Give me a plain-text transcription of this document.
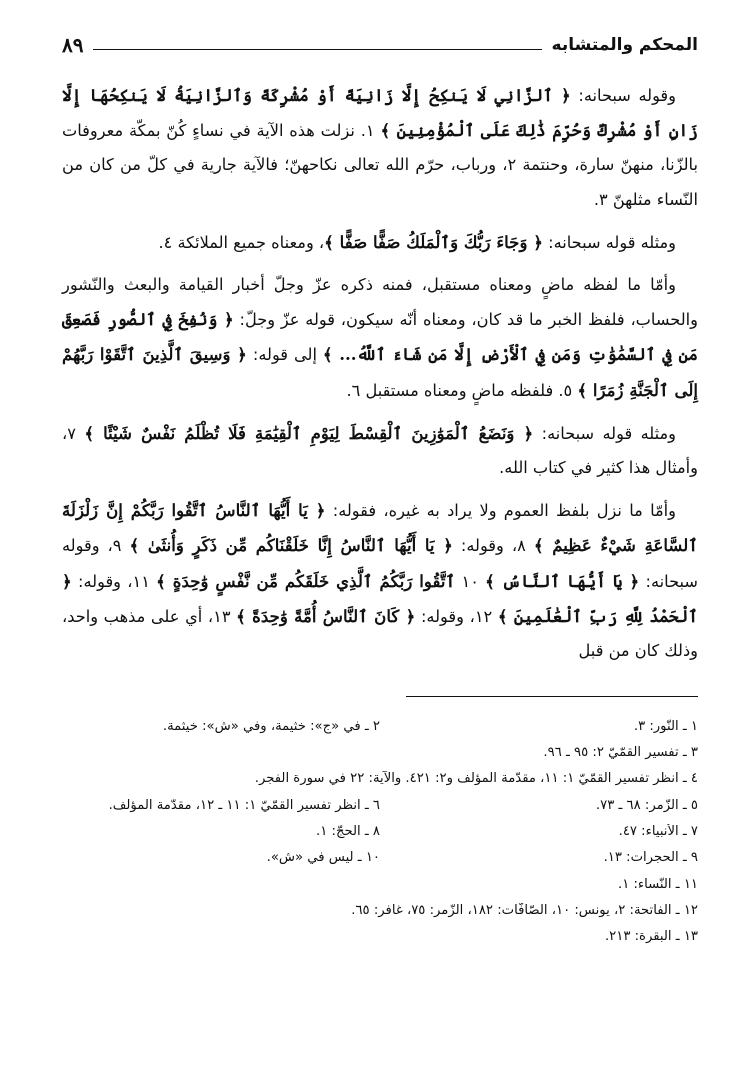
المحكم والمتشابه
٨٩

وقوله سبحانه: ﴿ ٱلزَّانِي لَا يَنكِحُ إِلَّا زَانِيَةً أَوْ مُشْرِكَةً وَٱلزَّانِيَةُ لَا يَنكِحُهَا إِلَّا زَانٍ أَوْ مُشْرِكٌ وَحُرِّمَ ذَٰلِكَ عَلَى ٱلْمُؤْمِنِينَ ﴾ ١. نزلت هذه الآية في نساءٍ كُنّ بمكّة معروفات بالزّنا، منهنّ سارة، وحنتمة ٢، ورباب، حرّم الله تعالى نكاحهنّ؛ فالآية جارية في كلّ من كان من النّساء مثلهنّ ٣.

ومثله قوله سبحانه: ﴿ وَجَاءَ رَبُّكَ وَٱلْمَلَكُ صَفًّا صَفًّا ﴾، ومعناه جميع الملائكة ٤.

وأمّا ما لفظه ماضٍ ومعناه مستقبل، فمنه ذكره عزّ وجلّ أخبار القيامة والبعث والنّشور والحساب، فلفظ الخبر ما قد كان، ومعناه أنّه سيكون، قوله عزّ وجلّ: ﴿ وَنُفِخَ فِي ٱلصُّورِ فَصَعِقَ مَن فِي ٱلسَّمَٰوَٰتِ وَمَن فِي ٱلْأَرْضِ إِلَّا مَن شَاءَ ٱللَّهُ... ﴾ إلى قوله: ﴿ وَسِيقَ ٱلَّذِينَ ٱتَّقَوْا رَبَّهُمْ إِلَى ٱلْجَنَّةِ زُمَرًا ﴾ ٥. فلفظه ماضٍ ومعناه مستقبل ٦.

ومثله قوله سبحانه: ﴿ وَنَضَعُ ٱلْمَوَٰزِينَ ٱلْقِسْطَ لِيَوْمِ ٱلْقِيَٰمَةِ فَلَا تُظْلَمُ نَفْسٌ شَيْئًا ﴾ ٧، وأمثال هذا كثير في كتاب الله.

وأمّا ما نزل بلفظ العموم ولا يراد به غيره، فقوله: ﴿ يَا أَيُّهَا ٱلنَّاسُ ٱتَّقُوا رَبَّكُمْ إِنَّ زَلْزَلَةَ ٱلسَّاعَةِ شَيْءٌ عَظِيمٌ ﴾ ٨، وقوله: ﴿ يَا أَيُّهَا ٱلنَّاسُ إِنَّا خَلَقْنَاكُم مِّن ذَكَرٍ وَأُنثَىٰ ﴾ ٩، وقوله سبحانه: ﴿ يَا أَيُّهَا ٱلنَّاسُ ﴾ ١٠ ٱتَّقُوا رَبَّكُمُ ٱلَّذِي خَلَقَكُم مِّن نَّفْسٍ وَٰحِدَةٍ ﴾ ١١، وقوله: ﴿ ٱلْحَمْدُ لِلَّهِ رَبِّ ٱلْعَٰلَمِينَ ﴾ ١٢، وقوله: ﴿ كَانَ ٱلنَّاسُ أُمَّةً وَٰحِدَةً ﴾ ١٣، أي على مذهب واحد، وذلك كان من قبل

١ ـ النّور: ٣.
٢ ـ في «ج»: خثيمة، وفي «ش»: خيثمة.
٣ ـ تفسير القمّيّ ٢: ٩٥ ـ ٩٦.
٤ ـ انظر تفسير القمّيّ ١: ١١، مقدّمة المؤلّف و٢: ٤٢١. والآية: ٢٢ في سورة الفجر.
٥ ـ الزّمر: ٦٨ ـ ٧٣.
٦ ـ انظر تفسير القمّيّ ١: ١١ ـ ١٢، مقدّمة المؤلّف.
٧ ـ الأنبياء: ٤٧.
٨ ـ الحجّ: ١.
٩ ـ الحجرات: ١٣.
١٠ ـ ليس في «ش».
١١ ـ النّساء: ١.
١٢ ـ الفاتحة: ٢، يونس: ١٠، الصّافّات: ١٨٢، الزّمر: ٧٥، غافر: ٦٥.
١٣ ـ البقرة: ٢١٣.
